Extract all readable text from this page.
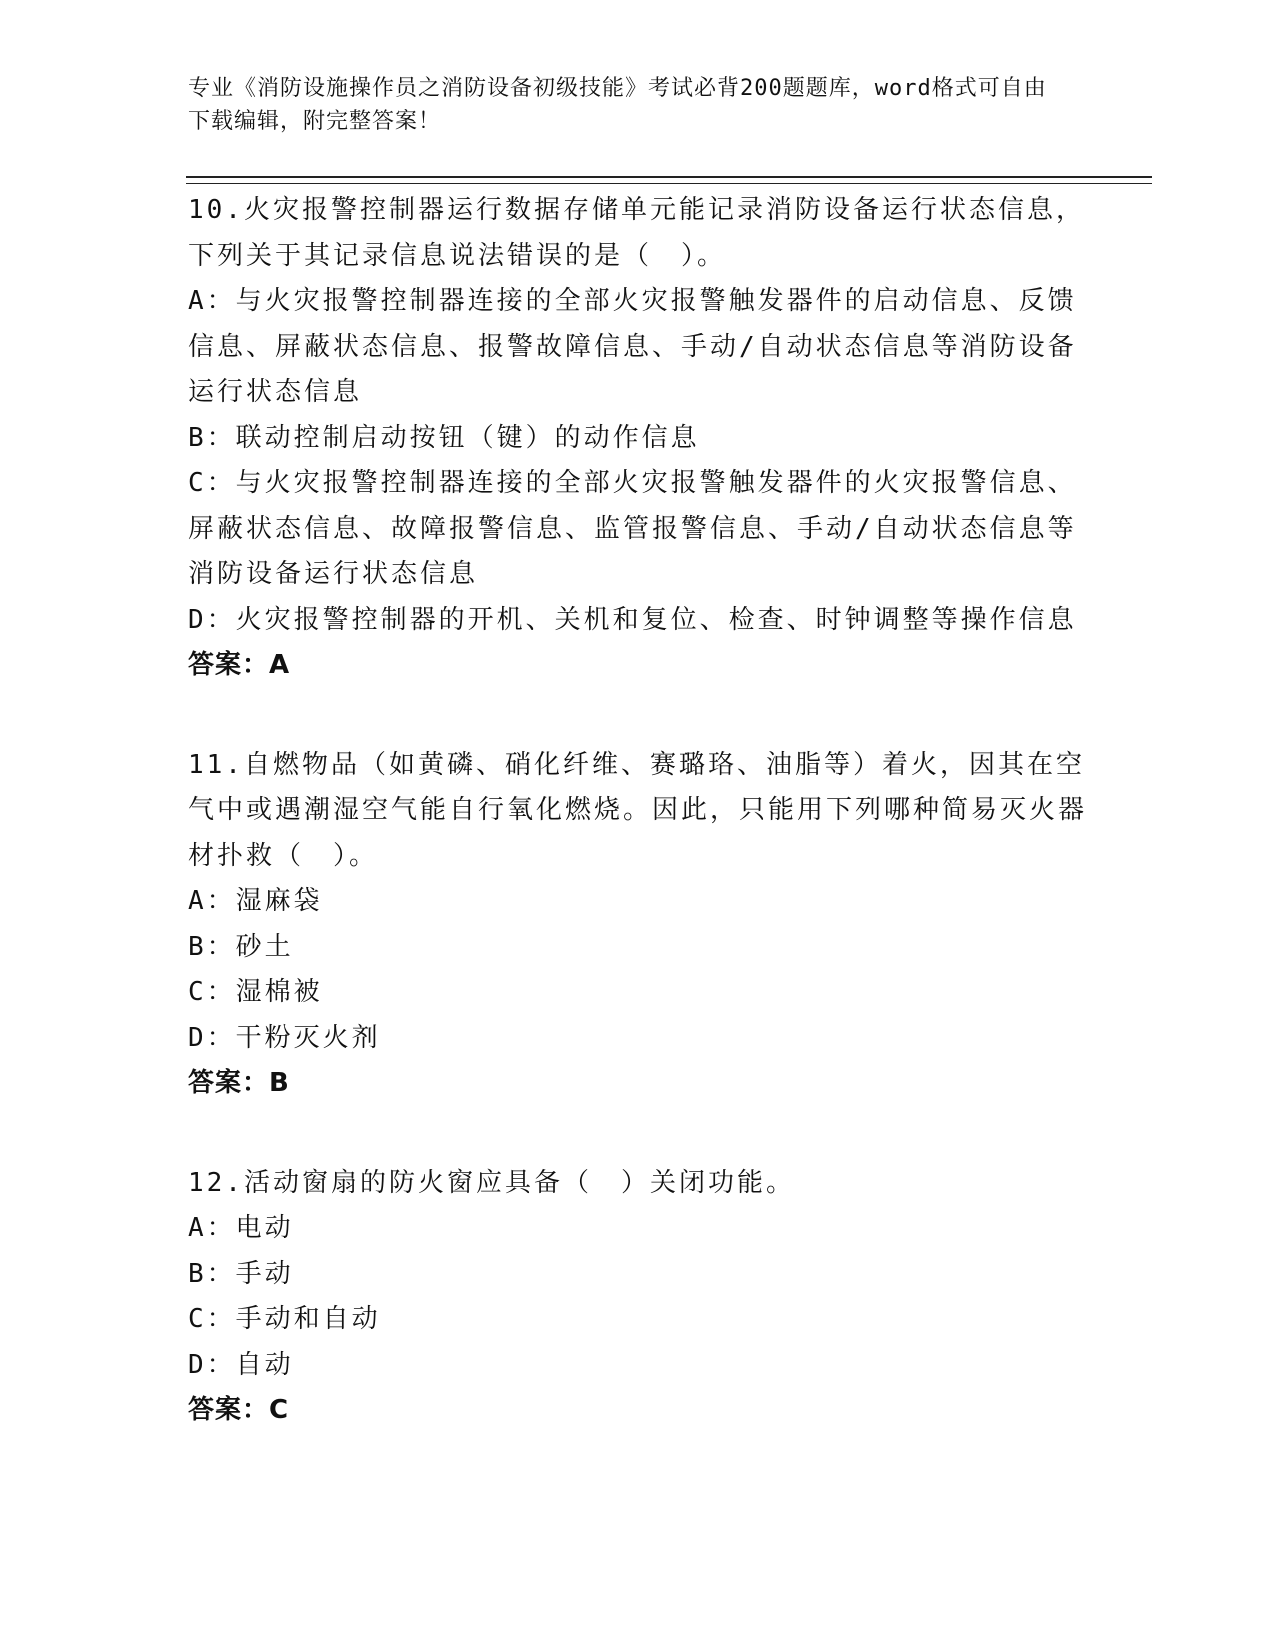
专业《消防设施操作员之消防设备初级技能》考试必背200题题库，word格式可自由下载编辑，附完整答案！
10.火灾报警控制器运行数据存储单元能记录消防设备运行状态信息，下列关于其记录信息说法错误的是（　）。
A：与火灾报警控制器连接的全部火灾报警触发器件的启动信息、反馈信息、屏蔽状态信息、报警故障信息、手动/自动状态信息等消防设备运行状态信息
B：联动控制启动按钮（键）的动作信息
C：与火灾报警控制器连接的全部火灾报警触发器件的火灾报警信息、屏蔽状态信息、故障报警信息、监管报警信息、手动/自动状态信息等消防设备运行状态信息
D：火灾报警控制器的开机、关机和复位、检查、时钟调整等操作信息
答案：A
11.自燃物品（如黄磷、硝化纤维、赛璐珞、油脂等）着火，因其在空气中或遇潮湿空气能自行氧化燃烧。因此，只能用下列哪种简易灭火器材扑救（　）。
A：湿麻袋
B：砂土
C：湿棉被
D：干粉灭火剂
答案：B
12.活动窗扇的防火窗应具备（　）关闭功能。
A：电动
B：手动
C：手动和自动
D：自动
答案：C
